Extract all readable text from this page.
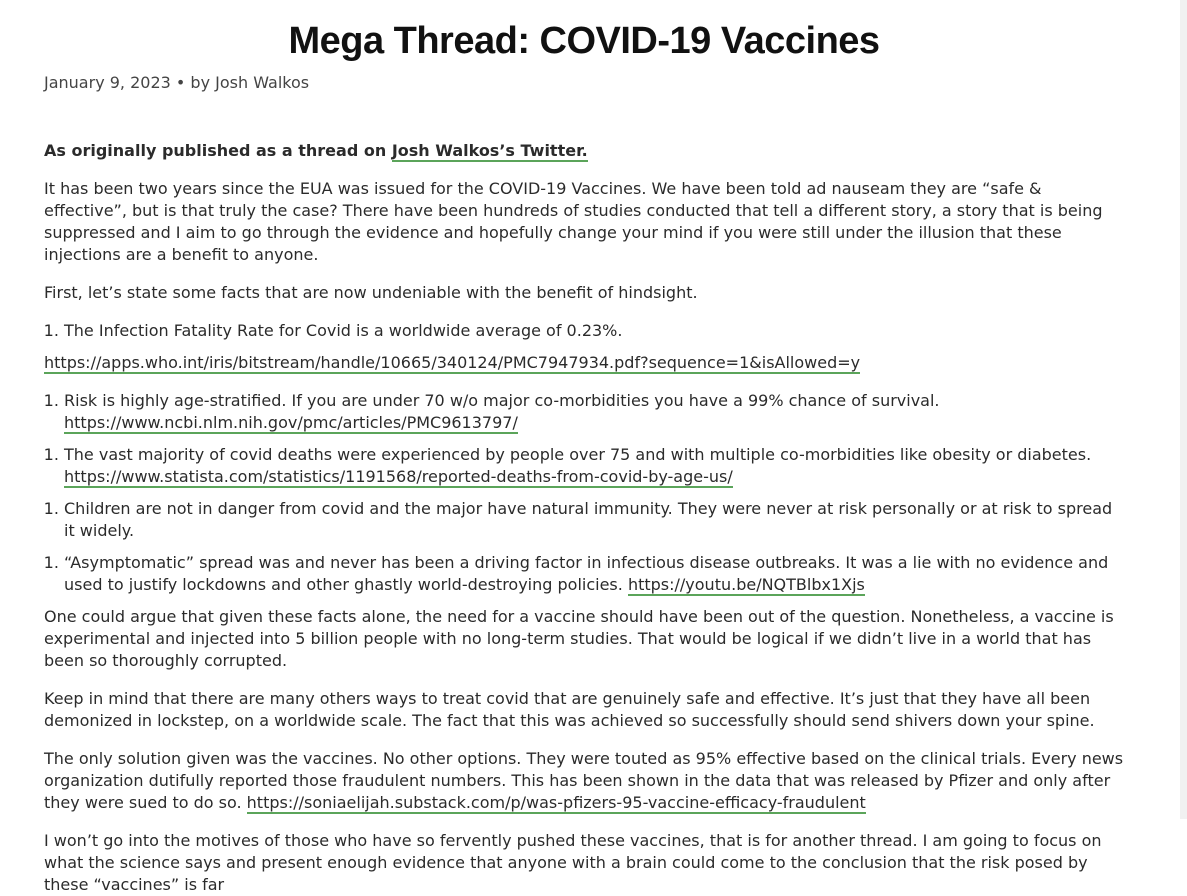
Mega Thread: COVID-19 Vaccines
January 9, 2023 • by Josh Walkos

As originally published as a thread on Josh Walkos’s Twitter.

It has been two years since the EUA was issued for the COVID-19 Vaccines. We have been told ad nauseam they are “safe & effective”, but is that truly the case? There have been hundreds of studies conducted that tell a different story, a story that is being suppressed and I aim to go through the evidence and hopefully change your mind if you were still under the illusion that these injections are a benefit to anyone.

First, let’s state some facts that are now undeniable with the benefit of hindsight.

1. The Infection Fatality Rate for Covid is a worldwide average of 0.23%.

https://apps.who.int/iris/bitstream/handle/10665/340124/PMC7947934.pdf?sequence=1&isAllowed=y

1. Risk is highly age-stratified. If you are under 70 w/o major co-morbidities you have a 99% chance of survival.
https://www.ncbi.nlm.nih.gov/pmc/articles/PMC9613797/
1. The vast majority of covid deaths were experienced by people over 75 and with multiple co-morbidities like obesity or diabetes.
https://www.statista.com/statistics/1191568/reported-deaths-from-covid-by-age-us/
1. Children are not in danger from covid and the major have natural immunity. They were never at risk personally or at risk to spread it widely.
1. “Asymptomatic” spread was and never has been a driving factor in infectious disease outbreaks. It was a lie with no evidence and used to justify lockdowns and other ghastly world-destroying policies. https://youtu.be/NQTBlbx1Xjs

One could argue that given these facts alone, the need for a vaccine should have been out of the question. Nonetheless, a vaccine is experimental and injected into 5 billion people with no long-term studies. That would be logical if we didn’t live in a world that has been so thoroughly corrupted.

Keep in mind that there are many others ways to treat covid that are genuinely safe and effective. It’s just that they have all been demonized in lockstep, on a worldwide scale. The fact that this was achieved so successfully should send shivers down your spine.

The only solution given was the vaccines. No other options. They were touted as 95% effective based on the clinical trials. Every news organization dutifully reported those fraudulent numbers. This has been shown in the data that was released by Pfizer and only after they were sued to do so. https://soniaelijah.substack.com/p/was-pfizers-95-vaccine-efficacy-fraudulent

I won’t go into the motives of those who have so fervently pushed these vaccines, that is for another thread. I am going to focus on what the science says and present enough evidence that anyone with a brain could come to the conclusion that the risk posed by these “vaccines” is far
